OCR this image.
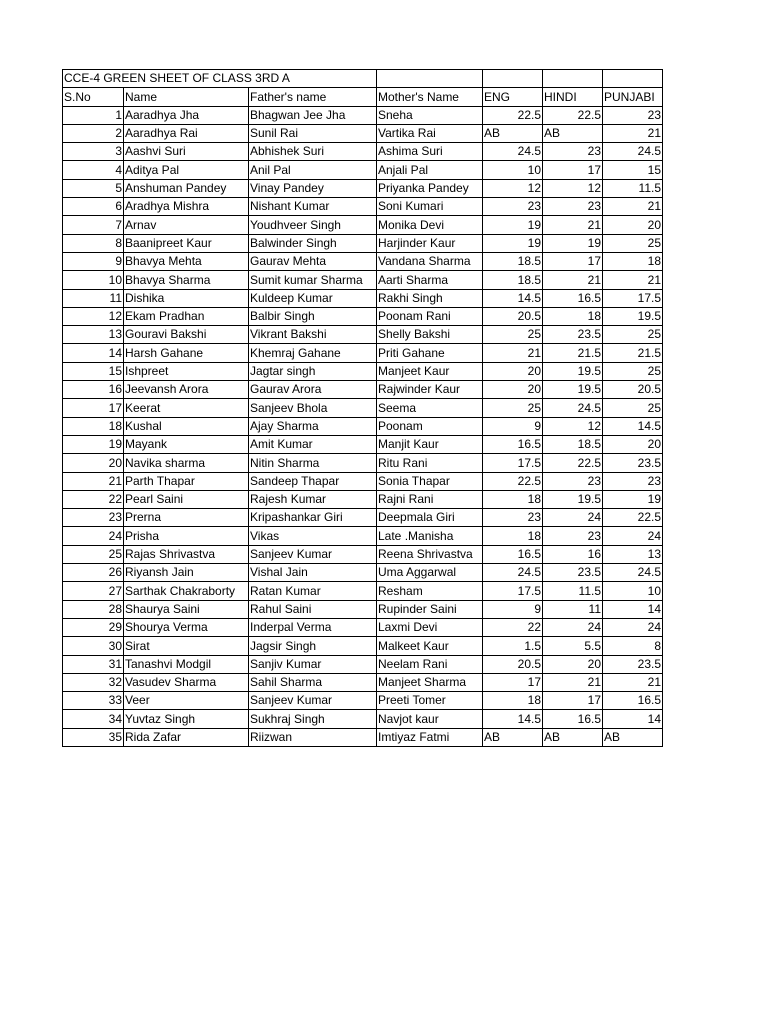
CCE-4 GREEN SHEET OF CLASS 3RD A						

S.No	Name	Father's name	Mother's Name	ENG	HINDI	PUNJABI
1	Aaradhya Jha	Bhagwan Jee Jha	Sneha	22.5	22.5	23
2	Aaradhya Rai	Sunil Rai	Vartika Rai	AB	AB	21
3	Aashvi Suri	Abhishek Suri	Ashima Suri	24.5	23	24.5
4	Aditya Pal	Anil Pal	Anjali Pal	10	17	15
5	Anshuman Pandey	Vinay Pandey	Priyanka Pandey	12	12	11.5
6	Aradhya Mishra	Nishant Kumar	Soni Kumari	23	23	21
7	Arnav	Youdhveer Singh	Monika Devi	19	21	20
8	Baanipreet Kaur	Balwinder Singh	Harjinder Kaur	19	19	25
9	Bhavya Mehta	Gaurav Mehta	Vandana Sharma	18.5	17	18
10	Bhavya Sharma	Sumit kumar Sharma	Aarti Sharma	18.5	21	21
11	Dishika	Kuldeep Kumar	Rakhi Singh	14.5	16.5	17.5
12	Ekam Pradhan	Balbir Singh	Poonam Rani	20.5	18	19.5
13	Gouravi Bakshi	Vikrant Bakshi	Shelly Bakshi	25	23.5	25
14	Harsh Gahane	Khemraj Gahane	Priti Gahane	21	21.5	21.5
15	Ishpreet	Jagtar singh	Manjeet Kaur	20	19.5	25
16	Jeevansh Arora	Gaurav Arora	Rajwinder Kaur	20	19.5	20.5
17	Keerat	Sanjeev Bhola	Seema	25	24.5	25
18	Kushal	Ajay Sharma	Poonam	9	12	14.5
19	Mayank	Amit Kumar	Manjit Kaur	16.5	18.5	20
20	Navika sharma	Nitin Sharma	Ritu Rani	17.5	22.5	23.5
21	Parth Thapar	Sandeep Thapar	Sonia Thapar	22.5	23	23
22	Pearl Saini	Rajesh Kumar	Rajni Rani	18	19.5	19
23	Prerna	Kripashankar Giri	Deepmala Giri	23	24	22.5
24	Prisha	Vikas	Late .Manisha	18	23	24
25	Rajas Shrivastva	Sanjeev Kumar	Reena Shrivastva	16.5	16	13
26	Riyansh Jain	Vishal Jain	Uma Aggarwal	24.5	23.5	24.5
27	Sarthak Chakraborty	Ratan Kumar	Resham	17.5	11.5	10
28	Shaurya Saini	Rahul Saini	Rupinder Saini	9	11	14
29	Shourya Verma	Inderpal Verma	Laxmi Devi	22	24	24
30	Sirat	Jagsir Singh	Malkeet Kaur	1.5	5.5	8
31	Tanashvi Modgil	Sanjiv Kumar	Neelam Rani	20.5	20	23.5
32	Vasudev Sharma	Sahil Sharma	Manjeet Sharma	17	21	21
33	Veer	Sanjeev Kumar	Preeti Tomer	18	17	16.5
34	Yuvtaz Singh	Sukhraj Singh	Navjot kaur	14.5	16.5	14
35	Rida Zafar	Riizwan	Imtiyaz Fatmi	AB	AB	AB
